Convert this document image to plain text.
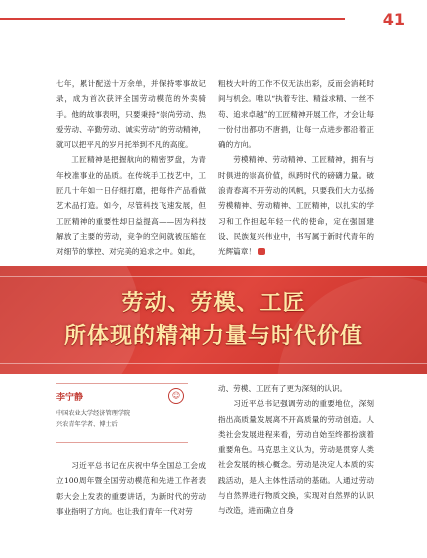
41

七年，累计配送十万余单，并保持零事故记录，成为首次获评全国劳动模范的外卖骑手。他的故事表明，只要秉持“崇尚劳动、热爱劳动、辛勤劳动、诚实劳动”的劳动精神，就可以把平凡的岁月托举到不凡的高度。

工匠精神是把握航向的精密罗盘，为青年校准事业的品质。在传统手工技艺中，工匠几十年如一日仔细打磨，把每件产品看做艺术品打造。如今，尽管科技飞速发展，但工匠精神的重要性却日益提高——因为科技解放了主要的劳动，竞争的空间就被压缩在对细节的掌控、对完美的追求之中。如此，

粗枝大叶的工作不仅无法出彩，反而会消耗时间与机会。唯以“执着专注、精益求精、一丝不苟、追求卓越”的工匠精神开展工作，才会让每一份付出都功不唐捐，让每一点进步都沿着正确的方向。

劳模精神、劳动精神、工匠精神，拥有与时俱进的崇高价值，纵跨时代的磅礴力量。破浪青春离不开劳动的风帆，只要我们大力弘扬劳模精神、劳动精神、工匠精神，以扎实的学习和工作担起年轻一代的使命，定在强国建设、民族复兴伟业中，书写属于新时代青年的光辉篇章！

劳动、劳模、工匠
所体现的精神力量与时代价值
李宁静	☺
中国农业大学经济管理学院
兴农青年学者、博士后

习近平总书记在庆祝中华全国总工会成立100周年暨全国劳动模范和先进工作者表彰大会上发表的重要讲话，为新时代的劳动事业指明了方向。也让我们青年一代对劳

动、劳模、工匠有了更为深刻的认识。

习近平总书记强调劳动的重要地位，深刻指出高质量发展离不开高质量的劳动创造。人类社会发展进程来看，劳动自始至终都扮演着重要角色。马克思主义认为，劳动是贯穿人类社会发展的核心概念。劳动是决定人本质的实践活动，是人主体性活动的基础。人通过劳动与自然界进行物质交换，实现对自然界的认识与改造，进而确立自身
